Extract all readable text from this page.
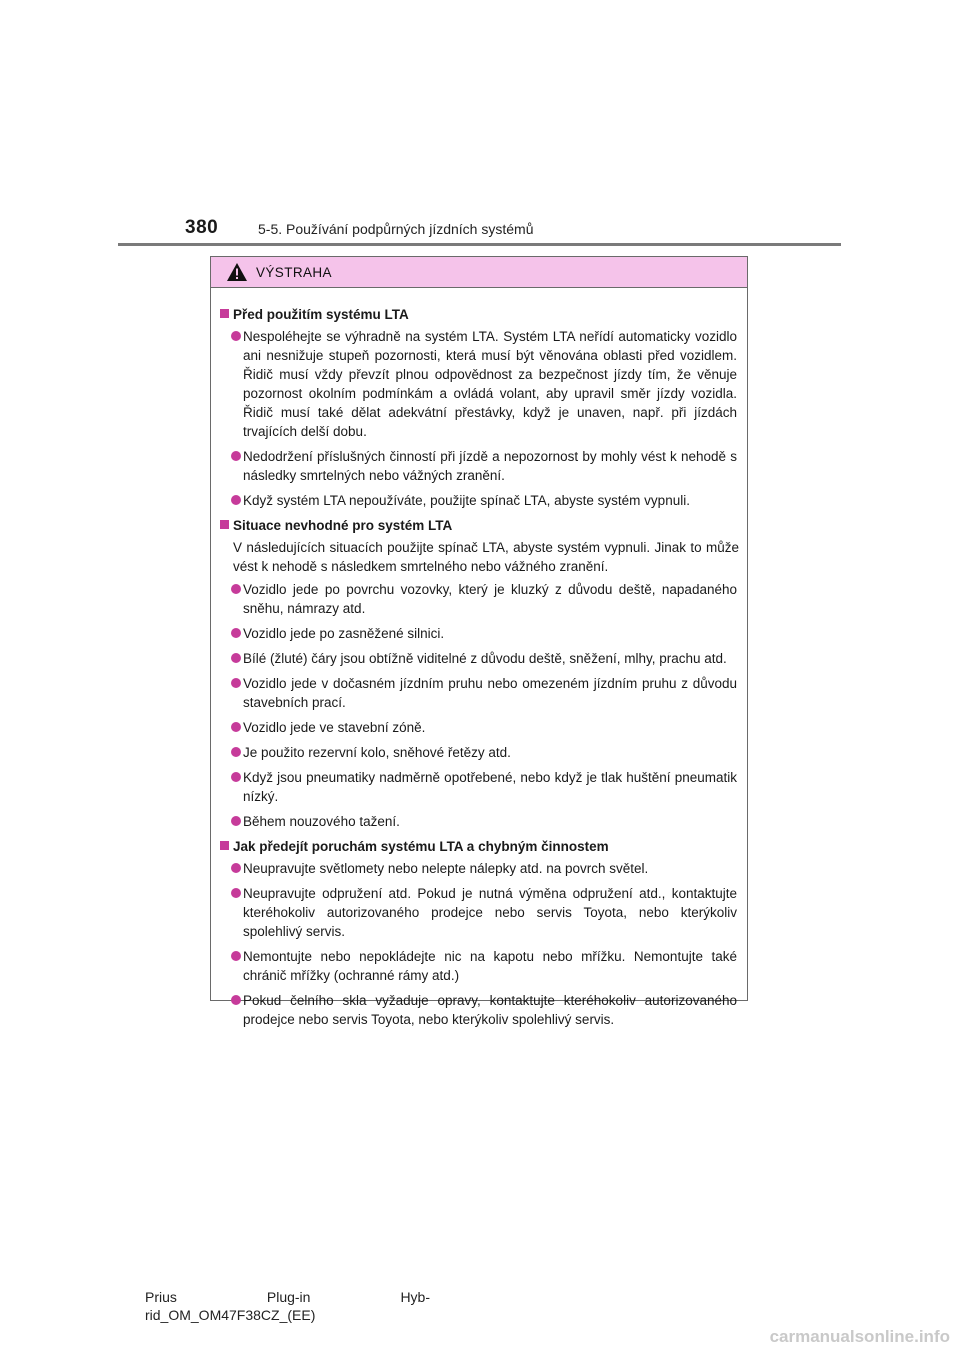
380	5-5. Používání podpůrných jízdních systémů
VÝSTRAHA
Před použitím systému LTA
Nespoléhejte se výhradně na systém LTA. Systém LTA neřídí automaticky vozidlo ani nesnižuje stupeň pozornosti, která musí být věnována oblasti před vozidlem. Řidič musí vždy převzít plnou odpovědnost za bezpečnost jízdy tím, že věnuje pozornost okolním podmínkám a ovládá volant, aby upravil směr jízdy vozidla. Řidič musí také dělat adekvátní přestávky, když je unaven, např. při jízdách trvajících delší dobu.
Nedodržení příslušných činností při jízdě a nepozornost by mohly vést k nehodě s následky smrtelných nebo vážných zranění.
Když systém LTA nepoužíváte, použijte spínač LTA, abyste systém vypnuli.
Situace nevhodné pro systém LTA
V následujících situacích použijte spínač LTA, abyste systém vypnuli. Jinak to může vést k nehodě s následkem smrtelného nebo vážného zranění.
Vozidlo jede po povrchu vozovky, který je kluzký z důvodu deště, napadaného sněhu, námrazy atd.
Vozidlo jede po zasněžené silnici.
Bílé (žluté) čáry jsou obtížně viditelné z důvodu deště, sněžení, mlhy, prachu atd.
Vozidlo jede v dočasném jízdním pruhu nebo omezeném jízdním pruhu z důvodu stavebních prací.
Vozidlo jede ve stavební zóně.
Je použito rezervní kolo, sněhové řetězy atd.
Když jsou pneumatiky nadměrně opotřebené, nebo když je tlak huštění pneumatik nízký.
Během nouzového tažení.
Jak předejít poruchám systému LTA a chybným činnostem
Neupravujte světlomety nebo nelepte nálepky atd. na povrch světel.
Neupravujte odpružení atd. Pokud je nutná výměna odpružení atd., kontaktujte kteréhokoliv autorizovaného prodejce nebo servis Toyota, nebo kterýkoliv spolehlivý servis.
Nemontujte nebo nepokládejte nic na kapotu nebo mřížku. Nemontujte také chránič mřížky (ochranné rámy atd.)
Pokud čelního skla vyžaduje opravy, kontaktujte kteréhokoliv autorizovaného prodejce nebo servis Toyota, nebo kterýkoliv spolehlivý servis.
Prius	Plug-in	Hyb-
rid_OM_OM47F38CZ_(EE)
carmanualsonline.info
